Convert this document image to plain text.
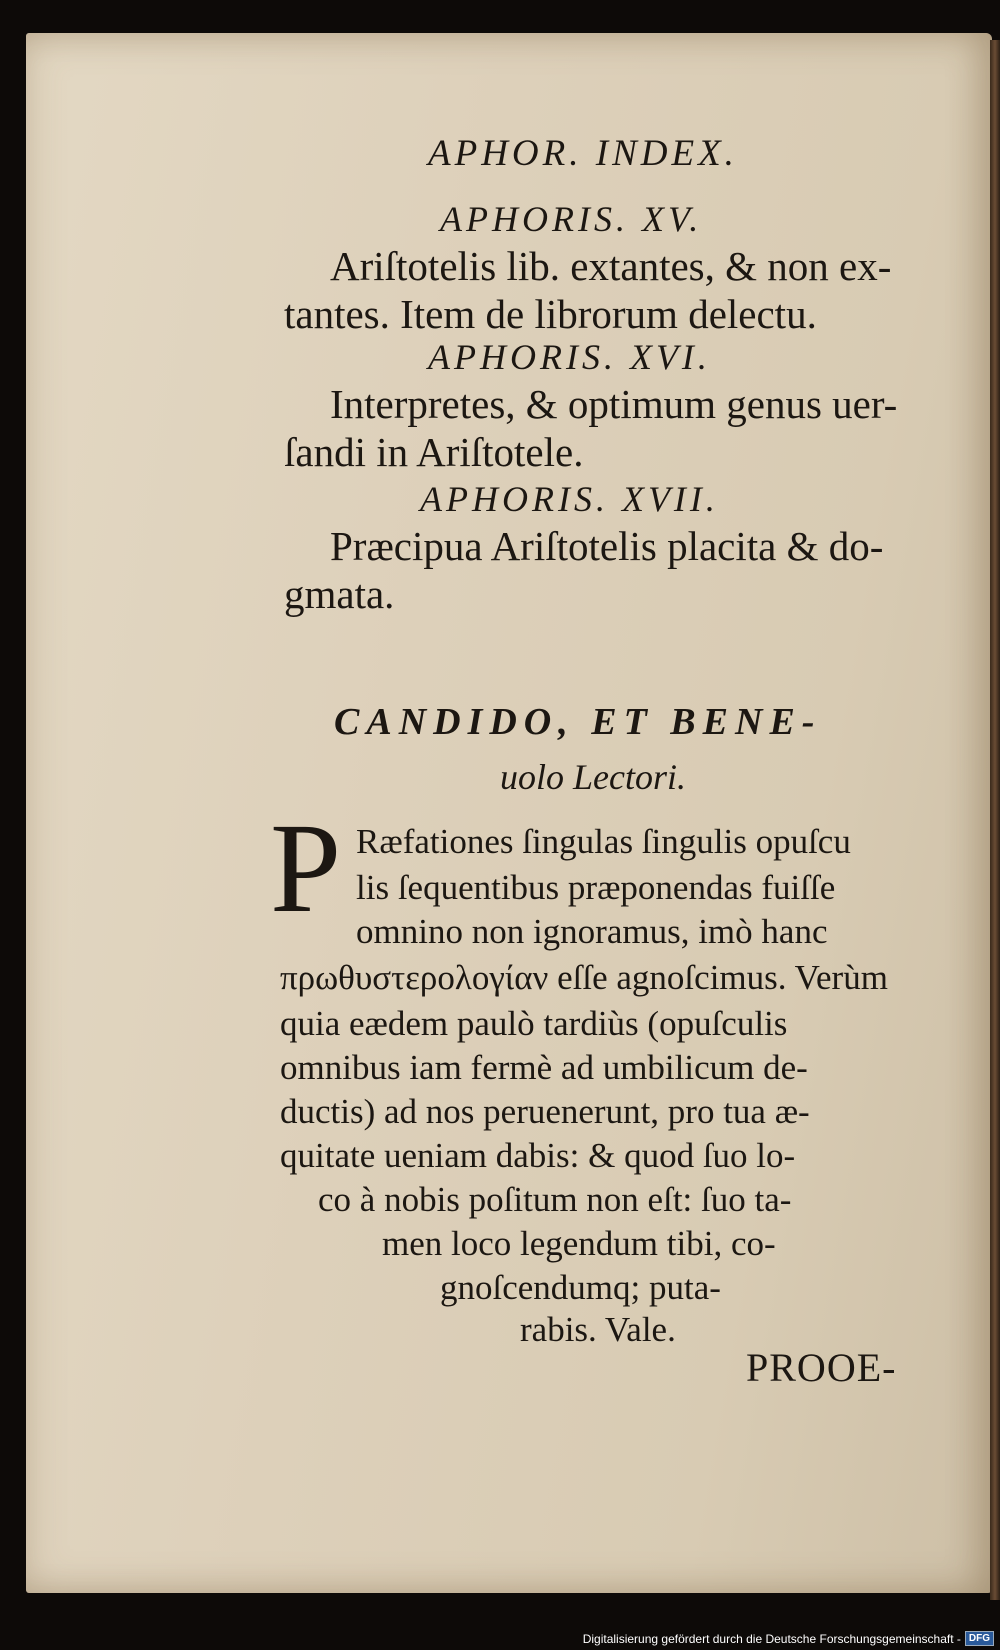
APHOR. INDEX.

APHORIS. XV.

Ariſtotelis lib. extantes, & non ex-

tantes. Item de librorum delectu.

APHORIS. XVI.

Interpretes, & optimum genus uer-

ſandi in Ariſtotele.

APHORIS. XVII.

Præcipua Ariſtotelis placita & do-

gmata.

CANDIDO, ET BENE-

uolo Lectori.

P Ræfationes ſingulas ſingulis opuſcu

lis ſequentibus præponendas fuiſſe

omnino non ignoramus, imò hanc

πρωθυστερολογίαν eſſe agnoſcimus. Verùm

quia eædem paulò tardiùs (opuſculis

omnibus iam fermè ad umbilicum de-

ductis) ad nos peruenerunt, pro tua æ-

quitate ueniam dabis: & quod ſuo lo-

co à nobis poſitum non eſt: ſuo ta-

men loco legendum tibi, co-

gnoſcendumq; puta-

rabis. Vale.

PROOE-

Digitalisierung gefördert durch die Deutsche Forschungsgemeinschaft - DFG
